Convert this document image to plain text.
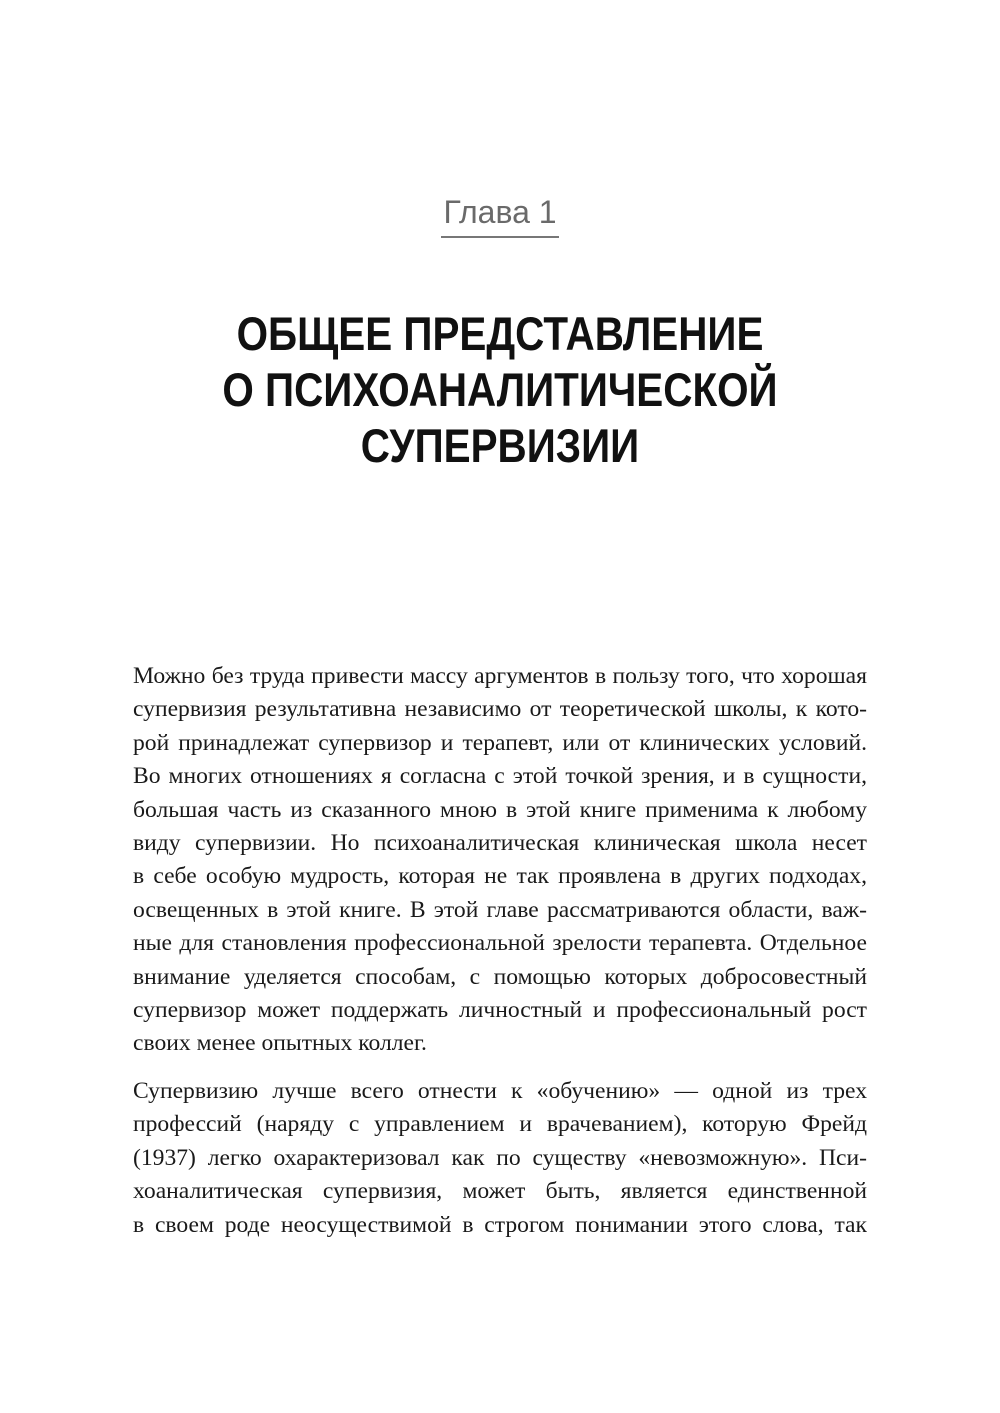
Глава 1
ОБЩЕЕ ПРЕДСТАВЛЕНИЕ
О ПСИХОАНАЛИТИЧЕСКОЙ
СУПЕРВИЗИИ

Можно без труда привести массу аргументов в пользу того, что хорошая
супервизия результативна независимо от теоретической школы, к кото-
рой принадлежат супервизор и терапевт, или от клинических условий.
Во многих отношениях я согласна с этой точкой зрения, и в сущности,
большая часть из сказанного мною в этой книге применима к любому
виду супервизии. Но психоаналитическая клиническая школа несет
в себе особую мудрость, которая не так проявлена в других подходах,
освещенных в этой книге. В этой главе рассматриваются области, важ-
ные для становления профессиональной зрелости терапевта. Отдельное
внимание уделяется способам, с помощью которых добросовестный
супервизор может поддержать личностный и профессиональный рост
своих менее опытных коллег.

Супервизию лучше всего отнести к «обучению» — одной из трех
профессий (наряду с управлением и врачеванием), которую Фрейд
(1937) легко охарактеризовал как по существу «невозможную». Пси-
хоаналитическая супервизия, может быть, является единственной
в своем роде неосуществимой в строгом понимании этого слова, так
